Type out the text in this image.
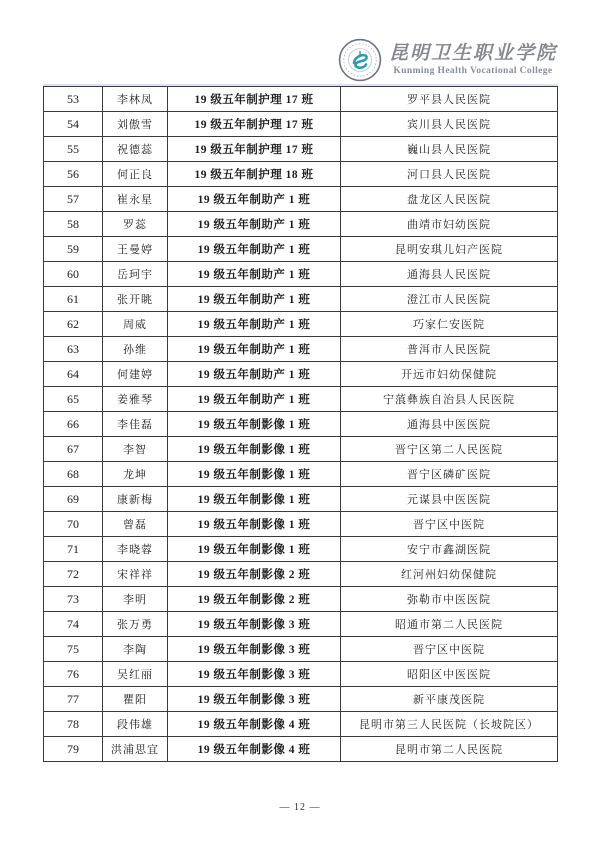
昆明卫生职业学院
Kunming Health Vocational College
53	李林凤	19 级五年制护理 17 班	罗平县人民医院
54	刘傲雪	19 级五年制护理 17 班	宾川县人民医院
55	祝德蕊	19 级五年制护理 17 班	巍山县人民医院
56	何正良	19 级五年制护理 18 班	河口县人民医院
57	崔永星	19 级五年制助产 1 班	盘龙区人民医院
58	罗蕊	19 级五年制助产 1 班	曲靖市妇幼医院
59	王曼婷	19 级五年制助产 1 班	昆明安琪儿妇产医院
60	岳珂宇	19 级五年制助产 1 班	通海县人民医院
61	张开眺	19 级五年制助产 1 班	澄江市人民医院
62	周威	19 级五年制助产 1 班	巧家仁安医院
63	孙维	19 级五年制助产 1 班	普洱市人民医院
64	何建婷	19 级五年制助产 1 班	开远市妇幼保健院
65	姜雅琴	19 级五年制助产 1 班	宁蒗彝族自治县人民医院
66	李佳磊	19 级五年制影像 1 班	通海县中医医院
67	李智	19 级五年制影像 1 班	晋宁区第二人民医院
68	龙坤	19 级五年制影像 1 班	晋宁区磷矿医院
69	康新梅	19 级五年制影像 1 班	元谋县中医医院
70	曾磊	19 级五年制影像 1 班	晋宁区中医院
71	李晓蓉	19 级五年制影像 1 班	安宁市鑫湖医院
72	宋祥祥	19 级五年制影像 2 班	红河州妇幼保健院
73	李明	19 级五年制影像 2 班	弥勒市中医医院
74	张万勇	19 级五年制影像 3 班	昭通市第二人民医院
75	李陶	19 级五年制影像 3 班	晋宁区中医院
76	吴红丽	19 级五年制影像 3 班	昭阳区中医医院
77	瞿阳	19 级五年制影像 3 班	新平康茂医院
78	段伟雄	19 级五年制影像 4 班	昆明市第三人民医院（长坡院区）
79	洪浦思宜	19 级五年制影像 4 班	昆明市第二人民医院
— 12 —
